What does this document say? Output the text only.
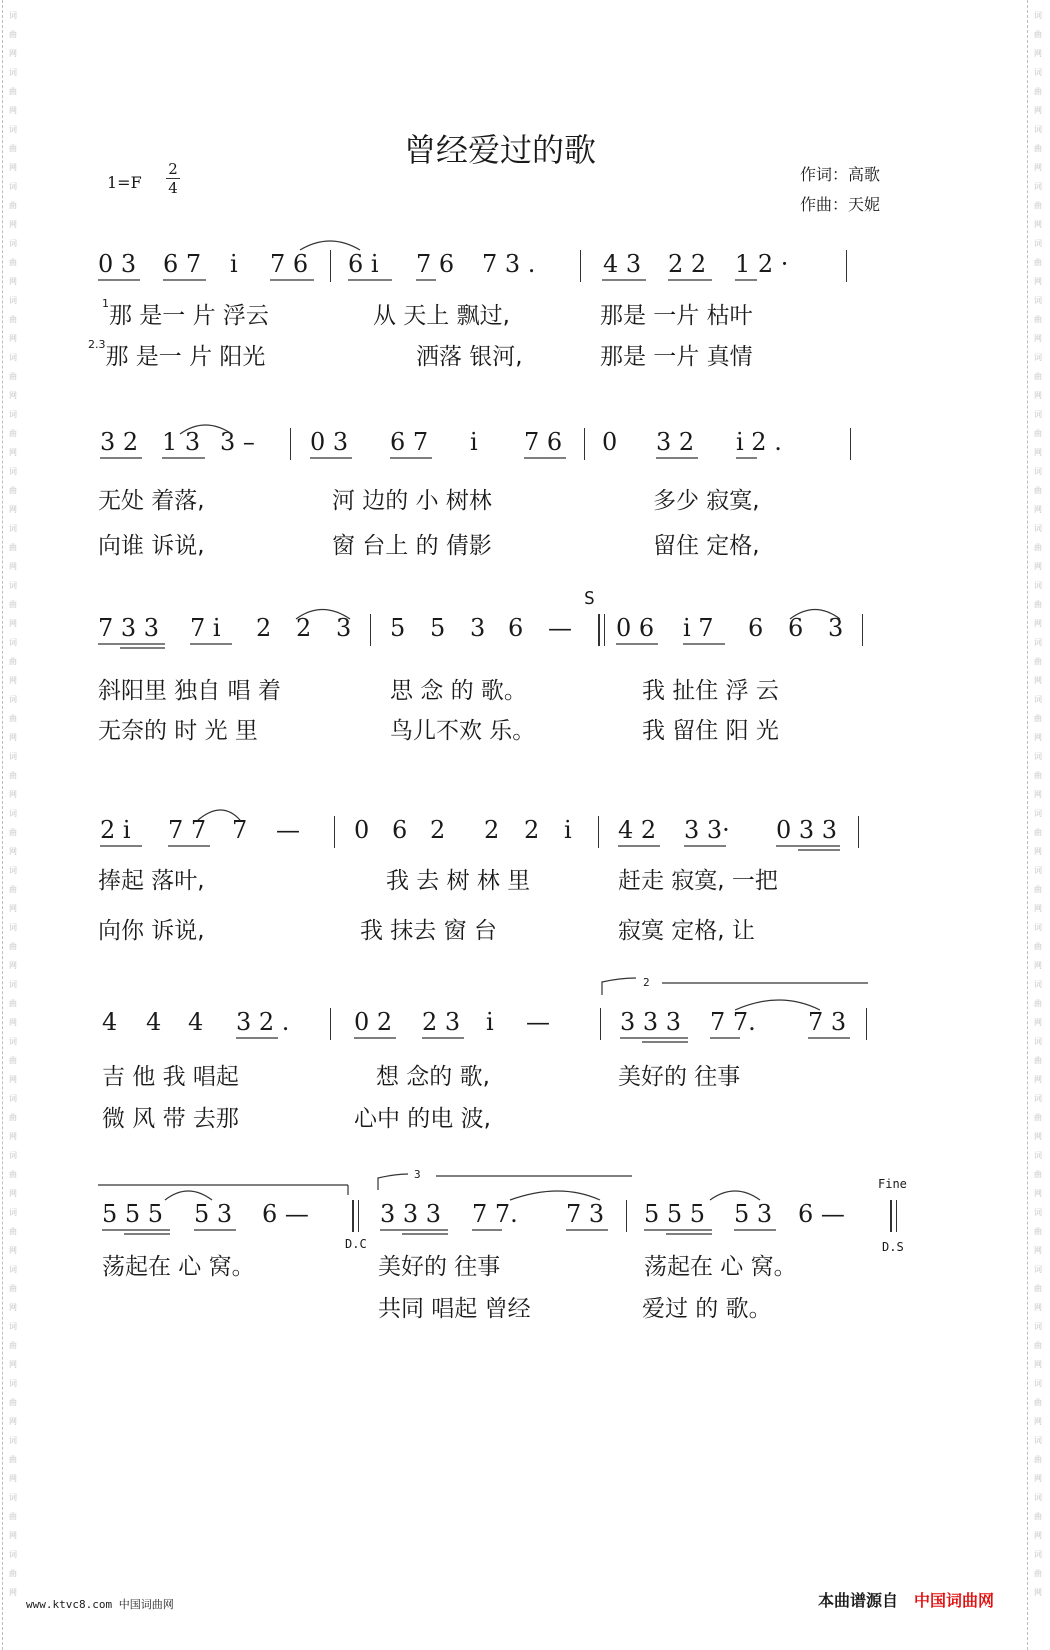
词
曲
网
词
曲
网
词
曲
网
词
曲
网
词
曲
网
词
曲
网
词
曲
网
词
曲
网
词
曲
网
词
曲
网
词
曲
网
词
曲
网
词
曲
网
词
曲
网
词
曲
网
词
曲
网
词
曲
网
词
曲
网
词
曲
网
词
曲
网
词
曲
网
词
曲
网
词
曲
网
词
曲
网
词
曲
网
词
曲
网
词
曲
网
词
曲
网
词
曲
网
词
曲
网
词
曲
网
词
曲
网
词
曲
网
词
曲
网
词
曲
网
词
曲
网
词
曲
网
词
曲
网
词
曲
网
词
曲
网
词
曲
网
词
曲
网
词
曲
网
词
曲
网
词
曲
网
词
曲
网
词
曲
网
词
曲
网
词
曲
网
词
曲
网
词
曲
网
词
曲
网
词
曲
网
词
曲
网
词
曲
网
词
曲
网
曾经爱过的歌
1=F
2
4
作词：高歌
作曲：天妮
0 3 6 7 i 7 6 6 i 7 6 7 3 .	4 3 2 2 1 2 ·
$^1$那 是一 片 浮云	从 天上 飘过,	那是 一片 枯叶
$^{2.3}$那 是一 片 阳光	洒落 银河,	那是 一片 真情
3 2 1 3 3 – 0 3 6 7 i 7 6 0 3 2 i 2 .
无处 着落,	河 边的 小 树林	多少 寂寞,
向谁 诉说,	窗 台上 的 倩影	留住 定格,
S
7 3 3 7 i 2 2 3 5 5 3 6 — 0 6 i 7 6 6 3
斜阳里 独自 唱 着	思 念 的 歌。	我 扯住 浮 云
无奈的 时 光 里	鸟儿不欢 乐。	我 留住 阳 光
2 i 7 7 7 — 0 6 2 2 2 i 4 2 3 3· 0 3 3
捧起 落叶,	我 去 树 林 里	赶走 寂寞, 一把
向你 诉说,	我 抹去 窗 台	寂寞 定格, 让
4 4 4 3 2 .	0 2 2 3 i —	3 3 3 7 7. 7 3
2
吉 他 我 唱起	想 念的 歌,	美好的 往事
微 风 带 去那	心中 的电 波,
5 5 5 5 3 6 —	3 3 3 7 7. 7 3 5 5 5 5 3 6 —
D.C
Fine
D.S
3
荡起在 心 窝。	美好的 往事	荡起在 心 窝。
共同 唱起 曾经	爱过 的 歌。
www.ktvc8.com 中国词曲网	本曲谱源自 中国词曲网
